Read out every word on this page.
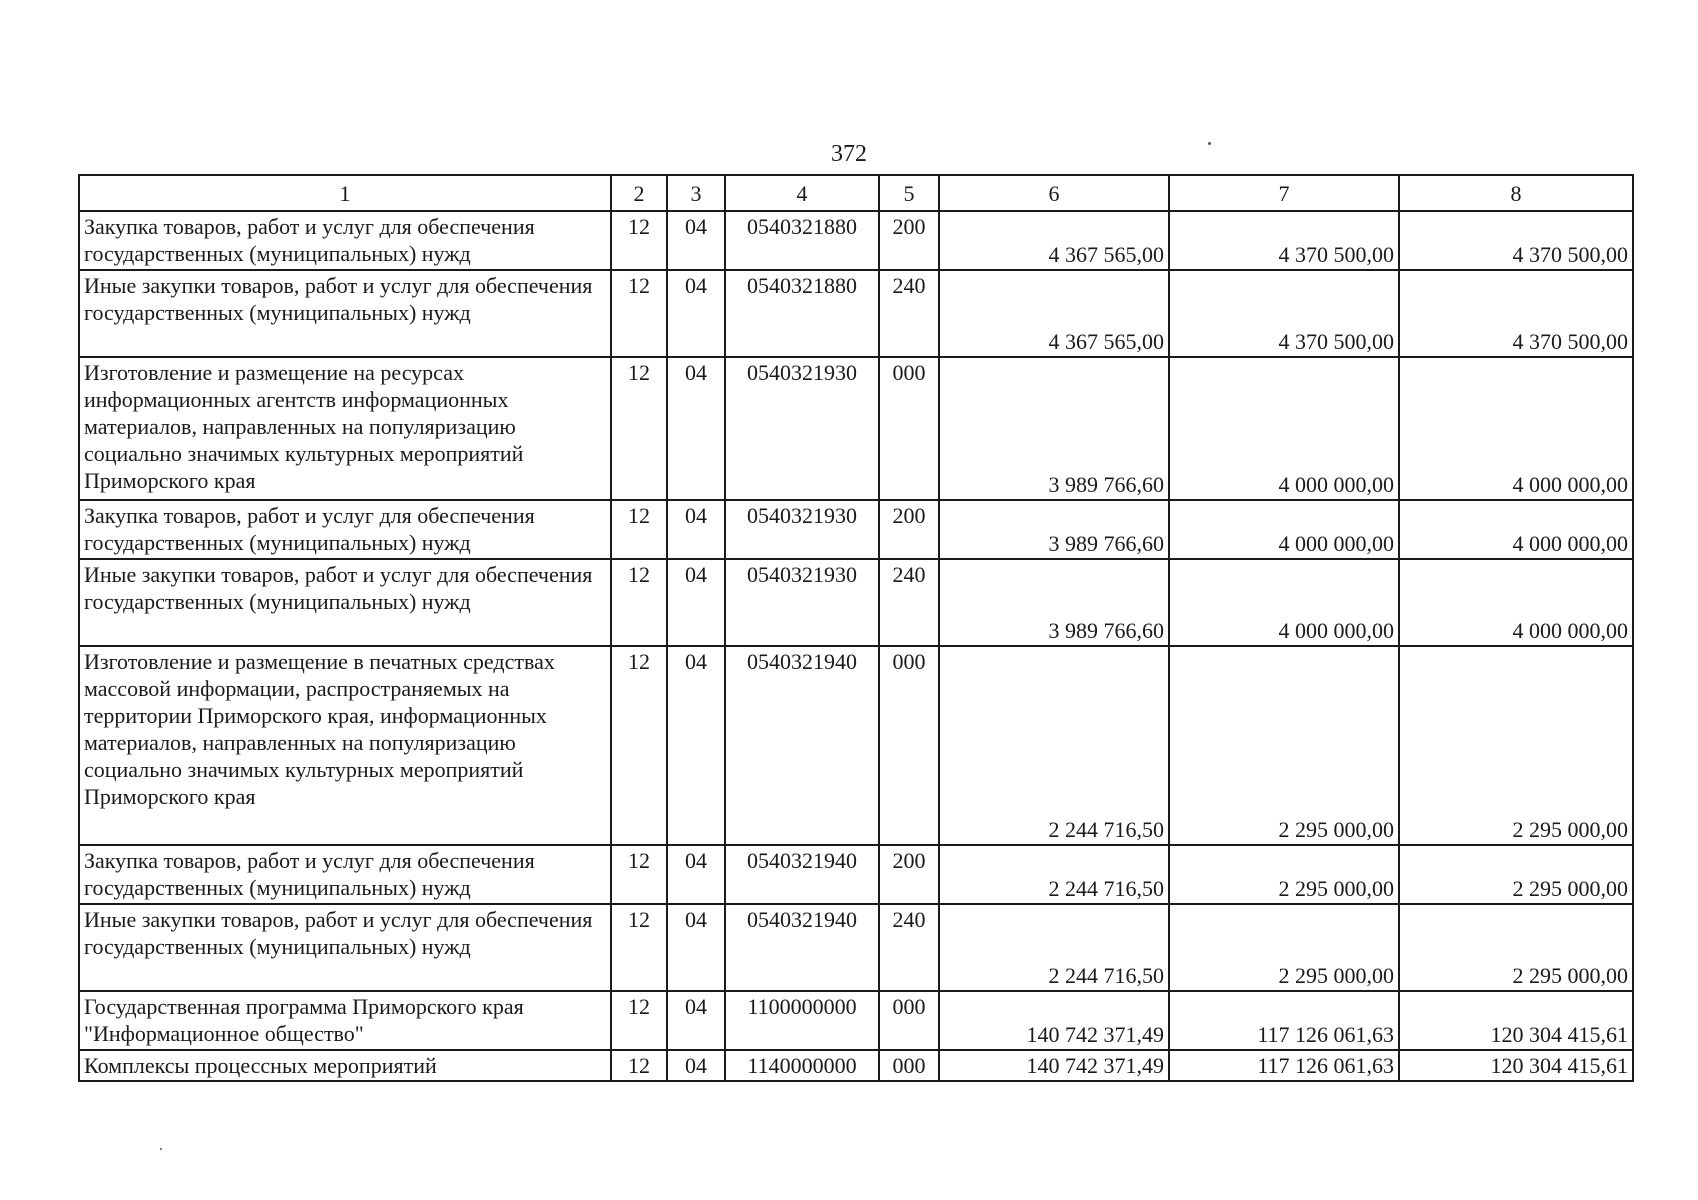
372
1	2	3	4	5	6	7	8
Закупка товаров, работ и услуг для обеспечения государственных (муниципальных) нужд	12	04	0540321880	200	4 367 565,00	4 370 500,00	4 370 500,00
Иные закупки товаров, работ и услуг для обеспечения государственных (муниципальных) нужд	12	04	0540321880	240	4 367 565,00	4 370 500,00	4 370 500,00
Изготовление и размещение на ресурсах информационных агентств информационных материалов, направленных на популяризацию социально значимых культурных мероприятий Приморского края	12	04	0540321930	000	3 989 766,60	4 000 000,00	4 000 000,00
Закупка товаров, работ и услуг для обеспечения государственных (муниципальных) нужд	12	04	0540321930	200	3 989 766,60	4 000 000,00	4 000 000,00
Иные закупки товаров, работ и услуг для обеспечения государственных (муниципальных) нужд	12	04	0540321930	240	3 989 766,60	4 000 000,00	4 000 000,00
Изготовление и размещение в печатных средствах массовой информации, распространяемых на территории Приморского края, информационных материалов, направленных на популяризацию социально значимых культурных мероприятий Приморского края	12	04	0540321940	000	2 244 716,50	2 295 000,00	2 295 000,00
Закупка товаров, работ и услуг для обеспечения государственных (муниципальных) нужд	12	04	0540321940	200	2 244 716,50	2 295 000,00	2 295 000,00
Иные закупки товаров, работ и услуг для обеспечения государственных (муниципальных) нужд	12	04	0540321940	240	2 244 716,50	2 295 000,00	2 295 000,00
Государственная программа Приморского края "Информационное общество"	12	04	1100000000	000	140 742 371,49	117 126 061,63	120 304 415,61
Комплексы процессных мероприятий	12	04	1140000000	000	140 742 371,49	117 126 061,63	120 304 415,61
